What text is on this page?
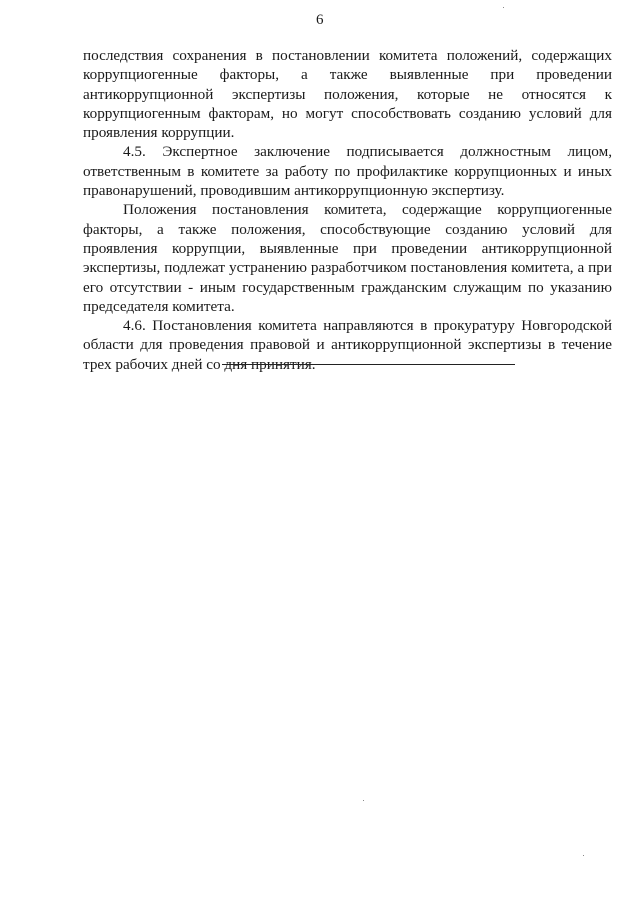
6

последствия сохранения в постановлении комитета положений, содержащих коррупциогенные факторы, а также выявленные при проведении антикоррупционной экспертизы положения, которые не относятся к коррупциогенным факторам, но могут способствовать созданию условий для проявления коррупции.

4.5. Экспертное заключение подписывается должностным лицом, ответственным в комитете за работу по профилактике коррупционных и иных правонарушений, проводившим антикоррупционную экспертизу.

Положения постановления комитета, содержащие коррупциогенные факторы, а также положения, способствующие созданию условий для проявления коррупции, выявленные при проведении антикоррупционной экспертизы, подлежат устранению разработчиком постановления комитета, а при его отсутствии - иным государственным гражданским служащим по указанию председателя комитета.

4.6. Постановления комитета направляются в прокуратуру Новгородской области для проведения правовой и антикоррупционной экспертизы в течение трех рабочих дней со дня принятия.
